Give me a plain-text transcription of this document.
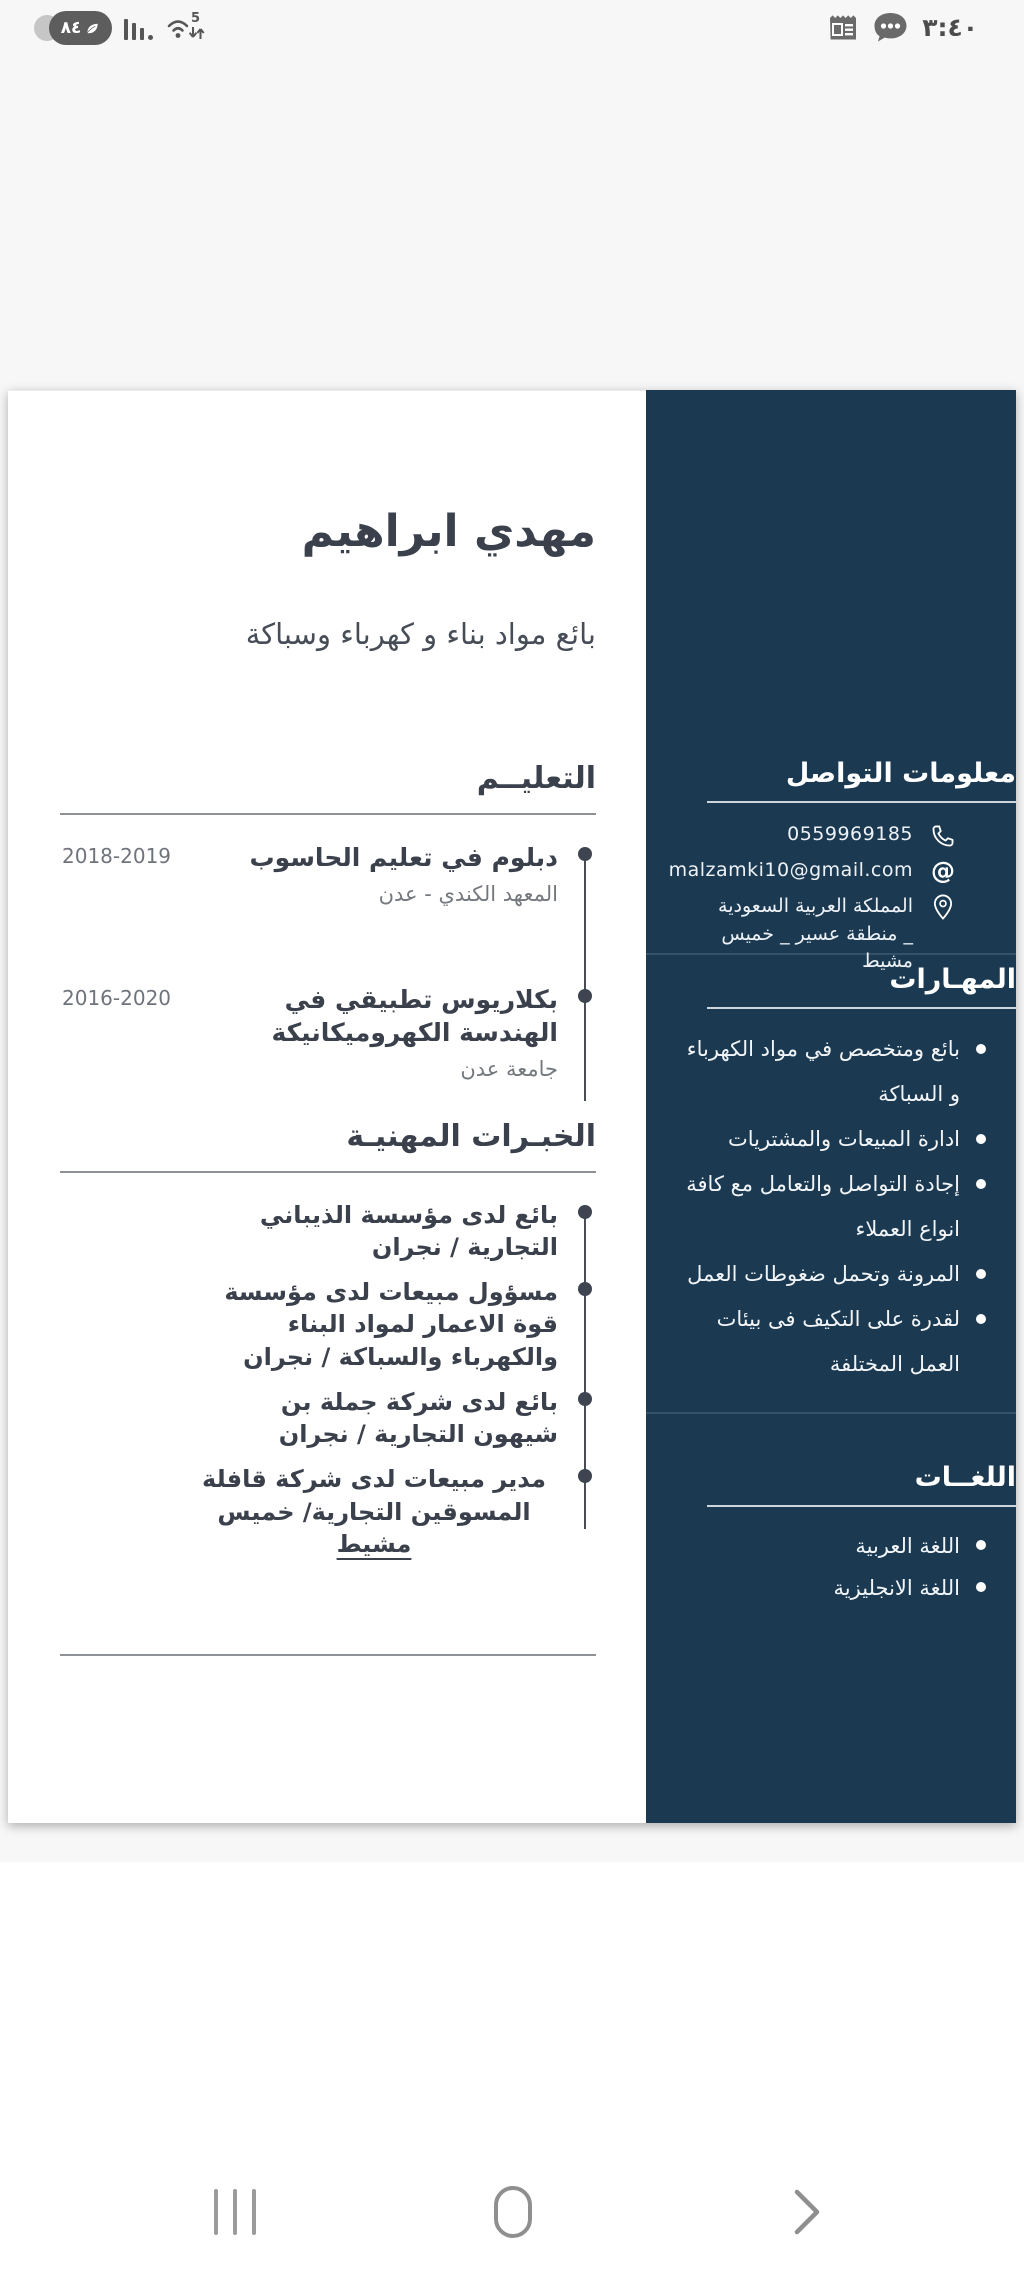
٨٤	5	٣:٤٠
مهدي ابراهيم
بائع مواد بناء و كهرباء وسباكة
التعليــم
دبلوم في تعليم الحاسوب
المعهد الكندي - عدن
2018-2019
بكلاريوس تطبيقي في الهندسة الكهروميكانيكة
جامعة عدن
2016-2020
الخبـرات المهنيـة
بائع لدى مؤسسة الذيباني التجارية / نجران
مسؤول مبيعات لدى مؤسسة قوة الاعمار لمواد البناء والكهرباء والسباكة / نجران
بائع لدى شركة جملة بن شيهون التجارية / نجران
مدير مبيعات لدى شركة قافلة المسوقين التجارية/ خميس مشيط
معلومات التواصل
0559969185
@
malzamki10@gmail.com
المملكة العربية السعودية
_ منطقة عسير _ خميس مشيط
المهـارات
بائع ومتخصص في مواد الكهرباء و السباكة
ادارة المبيعات والمشتريات
إجادة التواصل والتعامل مع كافة انواع العملاء
المرونة وتحمل ضغوطات العمل
لقدرة على التكيف فى بيئات العمل المختلفة
اللغــات
اللغة العربية
اللغة الانجليزية
